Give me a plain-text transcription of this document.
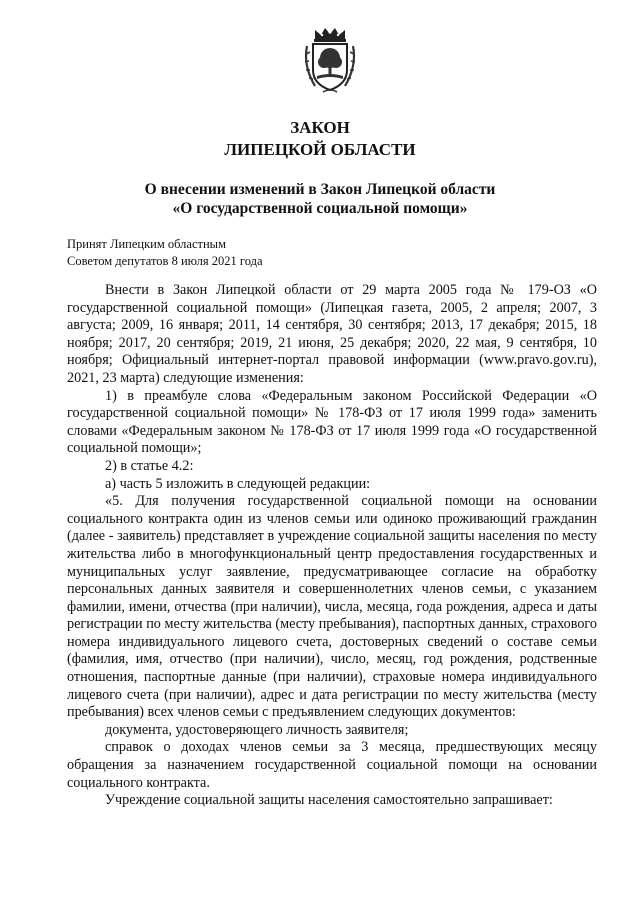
ЗАКОН
ЛИПЕЦКОЙ ОБЛАСТИ
О внесении изменений в Закон Липецкой области
«О государственной социальной помощи»
Принят Липецким областным
Советом депутатов 8 июля 2021 года

Внести в Закон Липецкой области от 29 марта 2005 года № 179-ОЗ «О государственной социальной помощи» (Липецкая газета, 2005, 2 апреля; 2007, 3 августа; 2009, 16 января; 2011, 14 сентября, 30 сентября; 2013, 17 декабря; 2015, 18 ноября; 2017, 20 сентября; 2019, 21 июня, 25 декабря; 2020, 22 мая, 9 сентября, 10 ноября; Официальный интернет-портал правовой информации (www.pravo.gov.ru), 2021, 23 марта) следующие изменения:

1) в преамбуле слова «Федеральным законом Российской Федерации «О государственной социальной помощи» № 178-ФЗ от 17 июля 1999 года» заменить словами «Федеральным законом № 178-ФЗ от 17 июля 1999 года «О государственной социальной помощи»;

2) в статье 4.2:

а) часть 5 изложить в следующей редакции:

«5. Для получения государственной социальной помощи на основании социального контракта один из членов семьи или одиноко проживающий гражданин (далее - заявитель) представляет в учреждение социальной защиты населения по месту жительства либо в многофункциональный центр предоставления государственных и муниципальных услуг заявление, предусматривающее согласие на обработку персональных данных заявителя и совершеннолетних членов семьи, с указанием фамилии, имени, отчества (при наличии), числа, месяца, года рождения, адреса и даты регистрации по месту жительства (месту пребывания), паспортных данных, страхового номера индивидуального лицевого счета, достоверных сведений о составе семьи (фамилия, имя, отчество (при наличии), число, месяц, год рождения, родственные отношения, паспортные данные (при наличии), страховые номера индивидуального лицевого счета (при наличии), адрес и дата регистрации по месту жительства (месту пребывания) всех членов семьи с предъявлением следующих документов:

документа, удостоверяющего личность заявителя;

справок о доходах членов семьи за 3 месяца, предшествующих месяцу обращения за назначением государственной социальной помощи на основании социального контракта.

Учреждение социальной защиты населения самостоятельно запрашивает:
